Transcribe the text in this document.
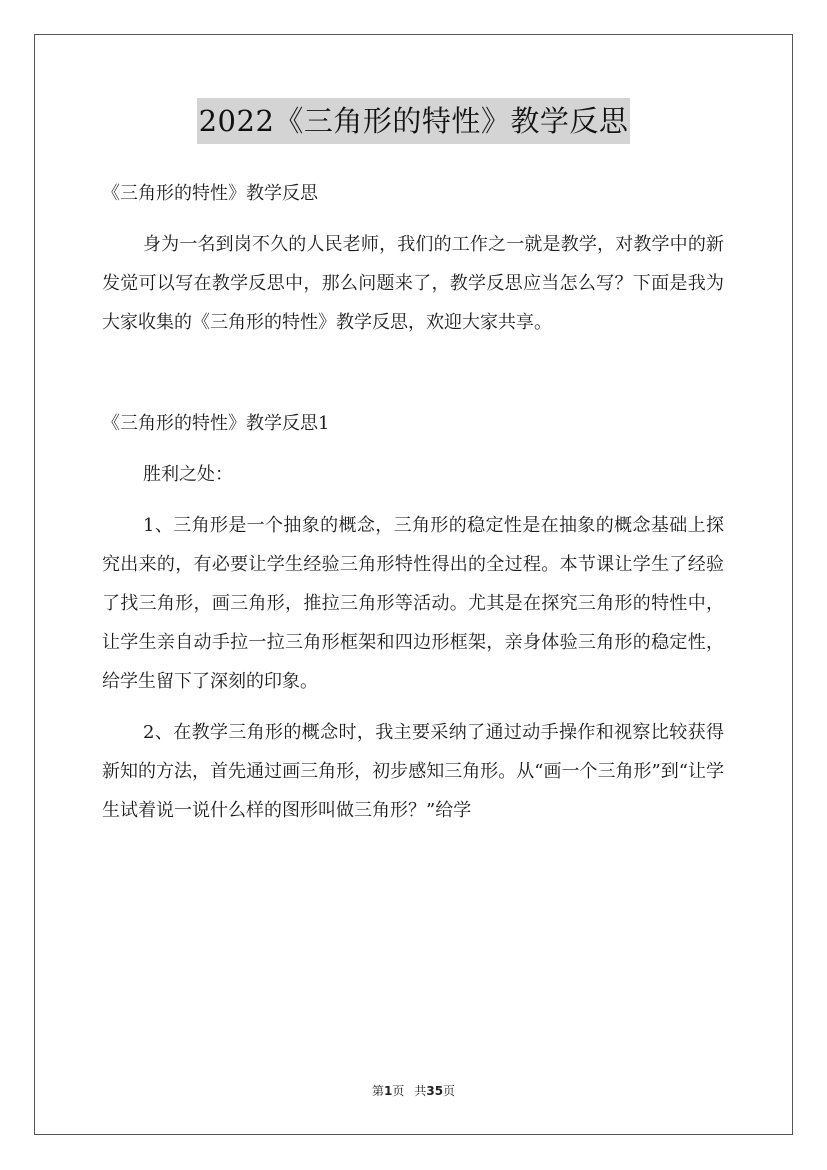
2022《三角形的特性》教学反思

《三角形的特性》教学反思

身为一名到岗不久的人民老师，我们的工作之一就是教学，对教学中的新发觉可以写在教学反思中，那么问题来了，教学反思应当怎么写？下面是我为大家收集的《三角形的特性》教学反思，欢迎大家共享。

《三角形的特性》教学反思1

胜利之处：

1、三角形是一个抽象的概念，三角形的稳定性是在抽象的概念基础上探究出来的，有必要让学生经验三角形特性得出的全过程。本节课让学生了经验了找三角形，画三角形，推拉三角形等活动。尤其是在探究三角形的特性中，让学生亲自动手拉一拉三角形框架和四边形框架，亲身体验三角形的稳定性，给学生留下了深刻的印象。

2、在教学三角形的概念时，我主要采纳了通过动手操作和视察比较获得新知的方法，首先通过画三角形，初步感知三角形。从“画一个三角形”到“让学生试着说一说什么样的图形叫做三角形？”给学

第1页 共35页
